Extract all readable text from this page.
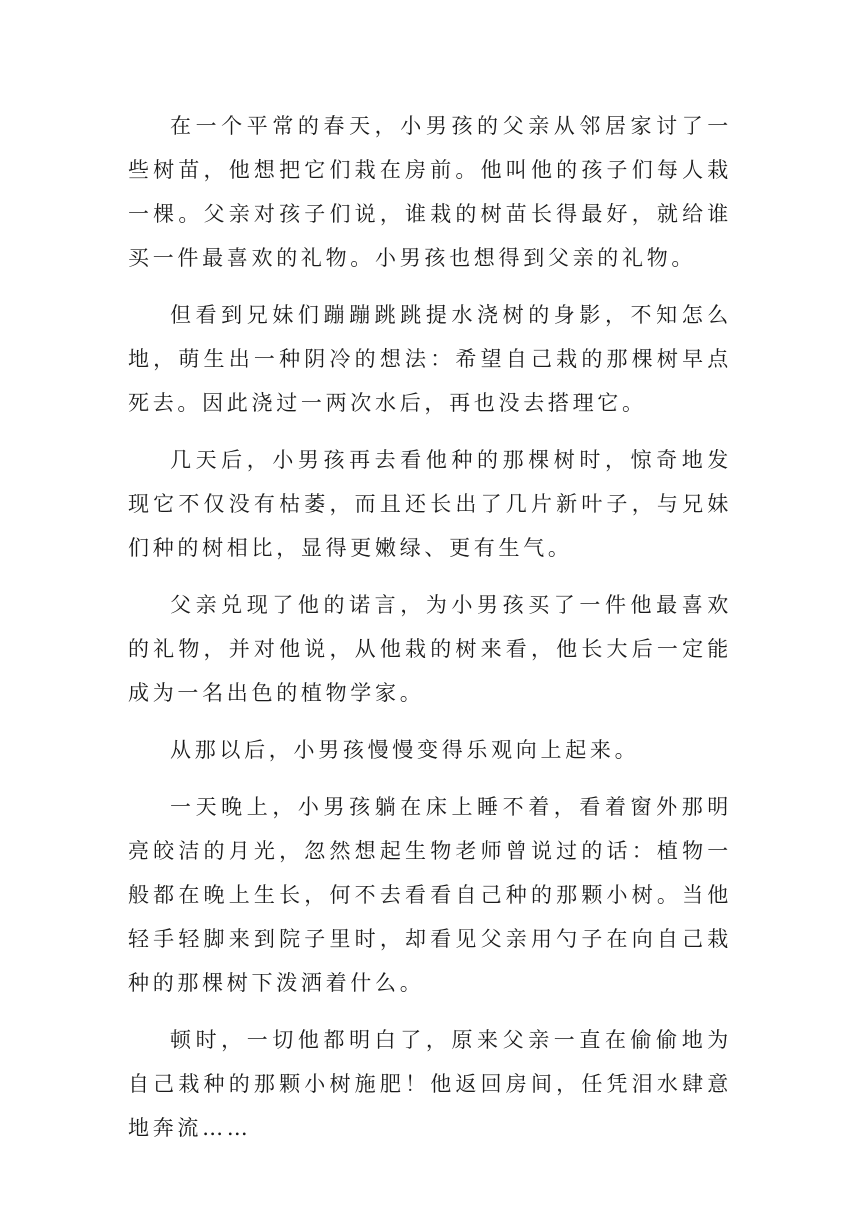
在一个平常的春天，小男孩的父亲从邻居家讨了一些树苗，他想把它们栽在房前。他叫他的孩子们每人栽一棵。父亲对孩子们说，谁栽的树苗长得最好，就给谁买一件最喜欢的礼物。小男孩也想得到父亲的礼物。

但看到兄妹们蹦蹦跳跳提水浇树的身影，不知怎么地，萌生出一种阴冷的想法：希望自己栽的那棵树早点死去。因此浇过一两次水后，再也没去搭理它。

几天后，小男孩再去看他种的那棵树时，惊奇地发现它不仅没有枯萎，而且还长出了几片新叶子，与兄妹们种的树相比，显得更嫩绿、更有生气。

父亲兑现了他的诺言，为小男孩买了一件他最喜欢的礼物，并对他说，从他栽的树来看，他长大后一定能成为一名出色的植物学家。

从那以后，小男孩慢慢变得乐观向上起来。

一天晚上，小男孩躺在床上睡不着，看着窗外那明亮皎洁的月光，忽然想起生物老师曾说过的话：植物一般都在晚上生长，何不去看看自己种的那颗小树。当他轻手轻脚来到院子里时，却看见父亲用勺子在向自己栽种的那棵树下泼洒着什么。

顿时，一切他都明白了，原来父亲一直在偷偷地为自己栽种的那颗小树施肥！他返回房间，任凭泪水肆意地奔流……
